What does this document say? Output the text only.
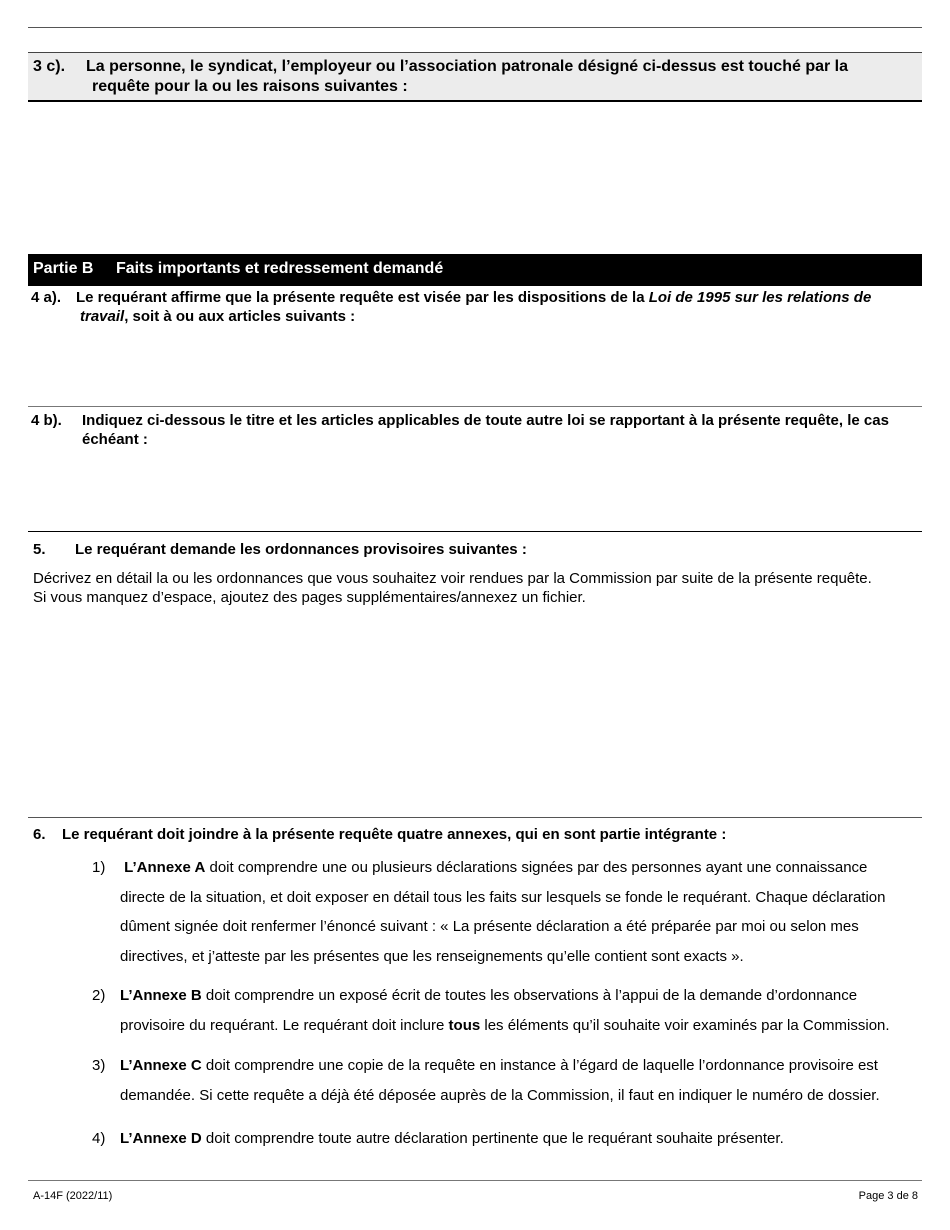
3 c). La personne, le syndicat, l’employeur ou l’association patronale désigné ci-dessus est touché par la
requête pour la ou les raisons suivantes :
Partie B Faits importants et redressement demandé
4 a). Le requérant affirme que la présente requête est visée par les dispositions de la Loi de 1995 sur les relations de
travail, soit à ou aux articles suivants :
4 b). Indiquez ci-dessous le titre et les articles applicables de toute autre loi se rapportant à la présente requête, le cas
échéant :
5. Le requérant demande les ordonnances provisoires suivantes :
Décrivez en détail la ou les ordonnances que vous souhaitez voir rendues par la Commission par suite de la présente requête.
Si vous manquez d’espace, ajoutez des pages supplémentaires/annexez un fichier.
6. Le requérant doit joindre à la présente requête quatre annexes, qui en sont partie intégrante :
1) L’Annexe A doit comprendre une ou plusieurs déclarations signées par des personnes ayant une connaissance
directe de la situation, et doit exposer en détail tous les faits sur lesquels se fonde le requérant. Chaque déclaration
dûment signée doit renfermer l’énoncé suivant : « La présente déclaration a été préparée par moi ou selon mes
directives, et j’atteste par les présentes que les renseignements qu’elle contient sont exacts ».
2) L’Annexe B doit comprendre un exposé écrit de toutes les observations à l’appui de la demande d’ordonnance
provisoire du requérant. Le requérant doit inclure tous les éléments qu’il souhaite voir examinés par la Commission.
3) L’Annexe C doit comprendre une copie de la requête en instance à l’égard de laquelle l’ordonnance provisoire est
demandée. Si cette requête a déjà été déposée auprès de la Commission, il faut en indiquer le numéro de dossier.
4) L’Annexe D doit comprendre toute autre déclaration pertinente que le requérant souhaite présenter.
A-14F (2022/11)	Page 3 de 8
